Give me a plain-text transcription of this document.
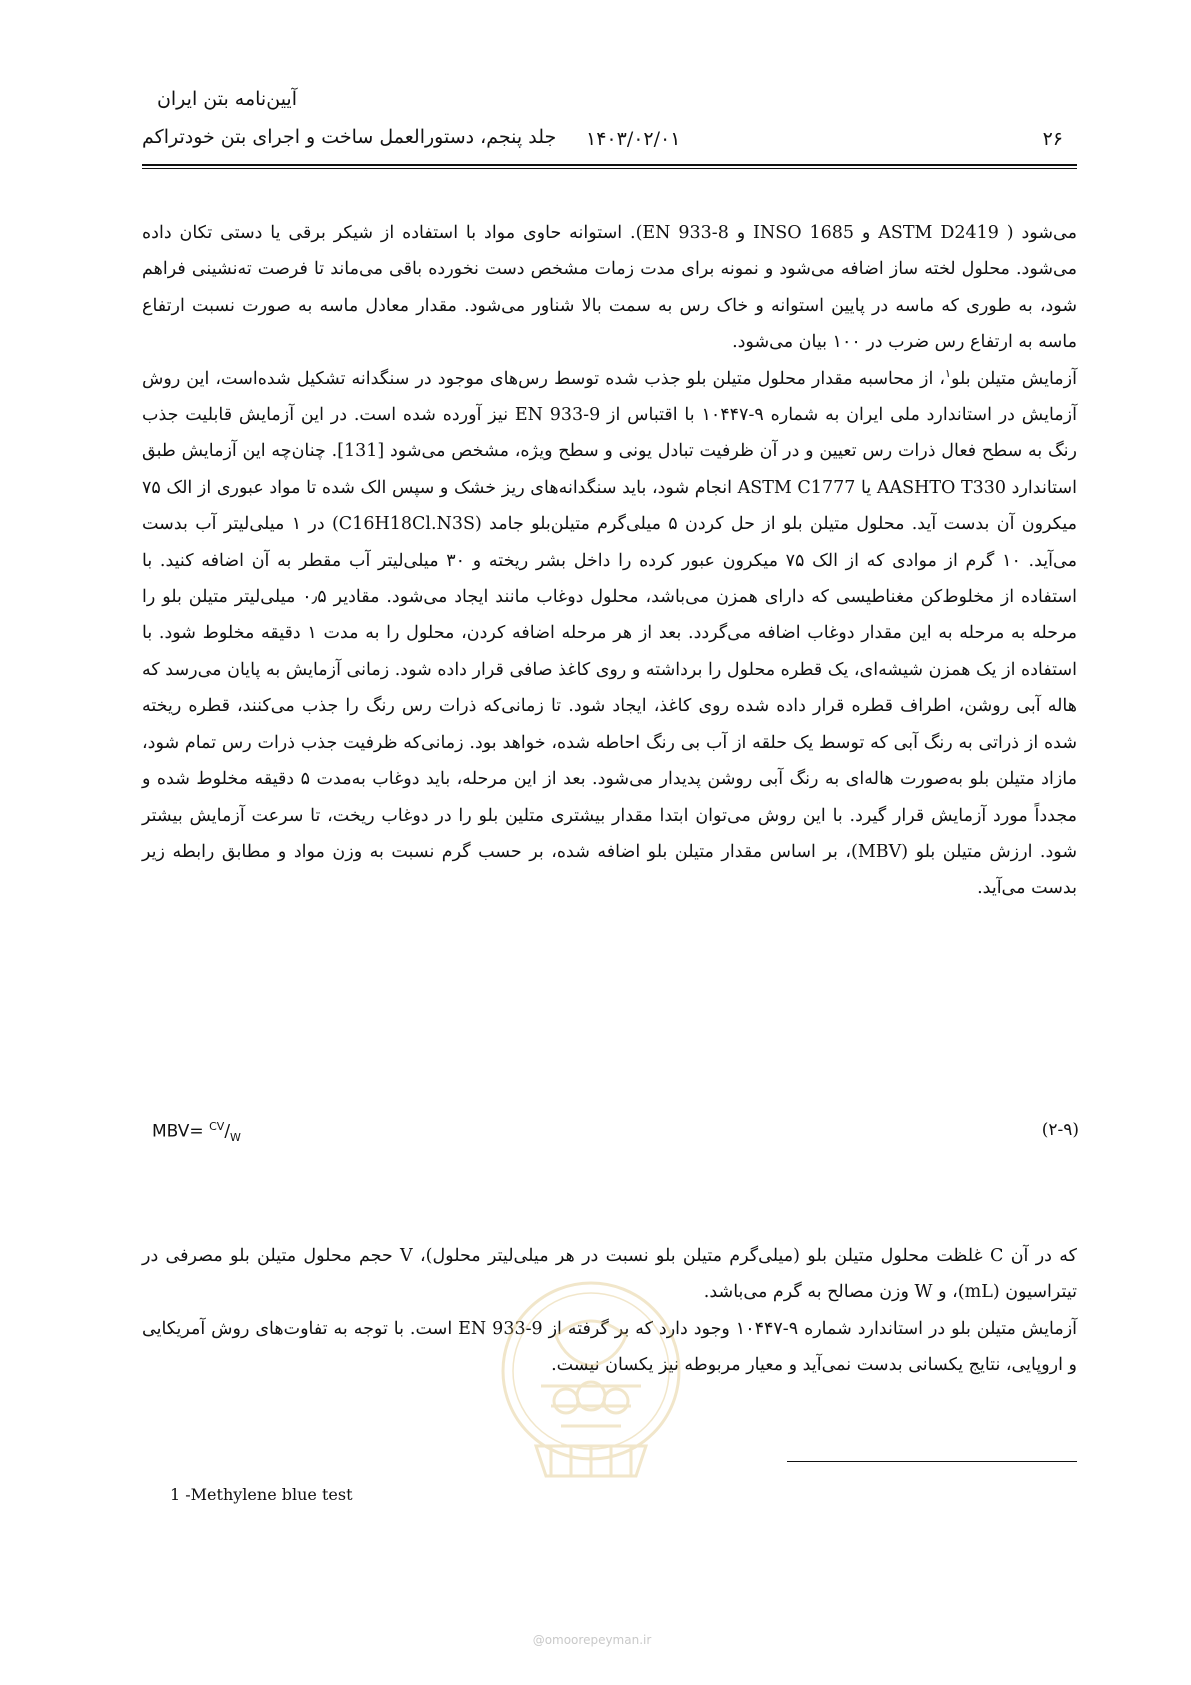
آیین‌نامه بتن ایران
جلد پنجم، دستورالعمل ساخت و اجرای بتن خودتراکم ۱۴۰۳/۰۲/۰۱	۲۶

می‌شود ( ASTM D2419 و INSO 1685 و EN 933-8). استوانه حاوی مواد با استفاده از شیکر برقی یا دستی تکان داده می‌شود. محلول لخته ساز اضافه می‌شود و نمونه برای مدت زمات مشخص دست نخورده باقی می‌ماند تا فرصت ته‌نشینی فراهم شود، به طوری که ماسه در پایین استوانه و خاک رس به سمت بالا شناور می‌شود. مقدار معادل ماسه به صورت نسبت ارتفاع ماسه به ارتفاع رس ضرب در ۱۰۰ بیان می‌شود.

آزمایش متیلن بلو$^۱$، از محاسبه مقدار محلول متیلن بلو جذب شده توسط رس‌های موجود در سنگدانه تشکیل شده‌است، این روش آزمایش در استاندارد ملی ایران به شماره ۹-۱۰۴۴۷ با اقتباس از EN 933-9 نیز آورده شده است. در این آزمایش قابلیت جذب رنگ به سطح فعال ذرات رس تعیین و در آن ظرفیت تبادل یونی و سطح ویژه، مشخص می‌شود [131]. چنان‌چه این آزمایش طبق استاندارد AASHTO T330 یا ASTM C1777 انجام شود، باید سنگدانه‌های ریز خشک و سپس الک شده تا مواد عبوری از الک ۷۵ میکرون آن بدست آید. محلول متیلن بلو از حل کردن ۵ میلی‌گرم متیلن‌بلو جامد (C16H18Cl.N3S) در ۱ میلی‌لیتر آب بدست می‌آید. ۱۰ گرم از موادی که از الک ۷۵ میکرون عبور کرده را داخل بشر ریخته و ۳۰ میلی‌لیتر آب مقطر به آن اضافه کنید. با استفاده از مخلوط‌کن مغناطیسی که دارای همزن می‌باشد، محلول دوغاب مانند ایجاد می‌شود. مقادیر ۰٫۵ میلی‌لیتر متیلن بلو را مرحله به مرحله به این مقدار دوغاب اضافه می‌گردد. بعد از هر مرحله اضافه کردن، محلول را به مدت ۱ دقیقه مخلوط شود. با استفاده از یک همزن شیشه‌ای، یک قطره محلول را برداشته و روی کاغذ صافی قرار داده شود. زمانی آزمایش به پایان می‌رسد که هاله آبی روشن، اطراف قطره قرار داده شده روی کاغذ، ایجاد شود. تا زمانی‌که ذرات رس رنگ را جذب می‌کنند، قطره ریخته شده از ذراتی به رنگ آبی که توسط یک حلقه از آب بی رنگ احاطه شده، خواهد بود. زمانی‌که ظرفیت جذب ذرات رس تمام شود، مازاد متیلن بلو به‌صورت هاله‌ای به رنگ آبی روشن پدیدار می‌شود. بعد از این مرحله، باید دوغاب به‌مدت ۵ دقیقه مخلوط شده و مجدداً مورد آزمایش قرار گیرد. با این روش می‌توان ابتدا مقدار بیشتری متلین بلو را در دوغاب ریخت، تا سرعت آزمایش بیشتر شود. ارزش متیلن بلو (MBV)، بر اساس مقدار متیلن بلو اضافه شده، بر حسب گرم نسبت به وزن مواد و مطابق رابطه زیر بدست می‌آید.

$MBV= ^{CV}/_W$	(۲-۹)

که در آن C غلظت محلول متیلن بلو (میلی‌گرم متیلن بلو نسبت در هر میلی‌لیتر محلول)، V حجم محلول متیلن بلو مصرفی در تیتراسیون (mL)، و W وزن مصالح به گرم می‌باشد.

آزمایش متیلن بلو در استاندارد شماره ۹-۱۰۴۴۷ وجود دارد که بر گرفته از EN 933-9 است. با توجه به تفاوت‌های روش آمریکایی و اروپایی، نتایج یکسانی بدست نمی‌آید و معیار مربوطه نیز یکسان نیست.

@omoorepeyman.ir
1 -Methylene blue test
